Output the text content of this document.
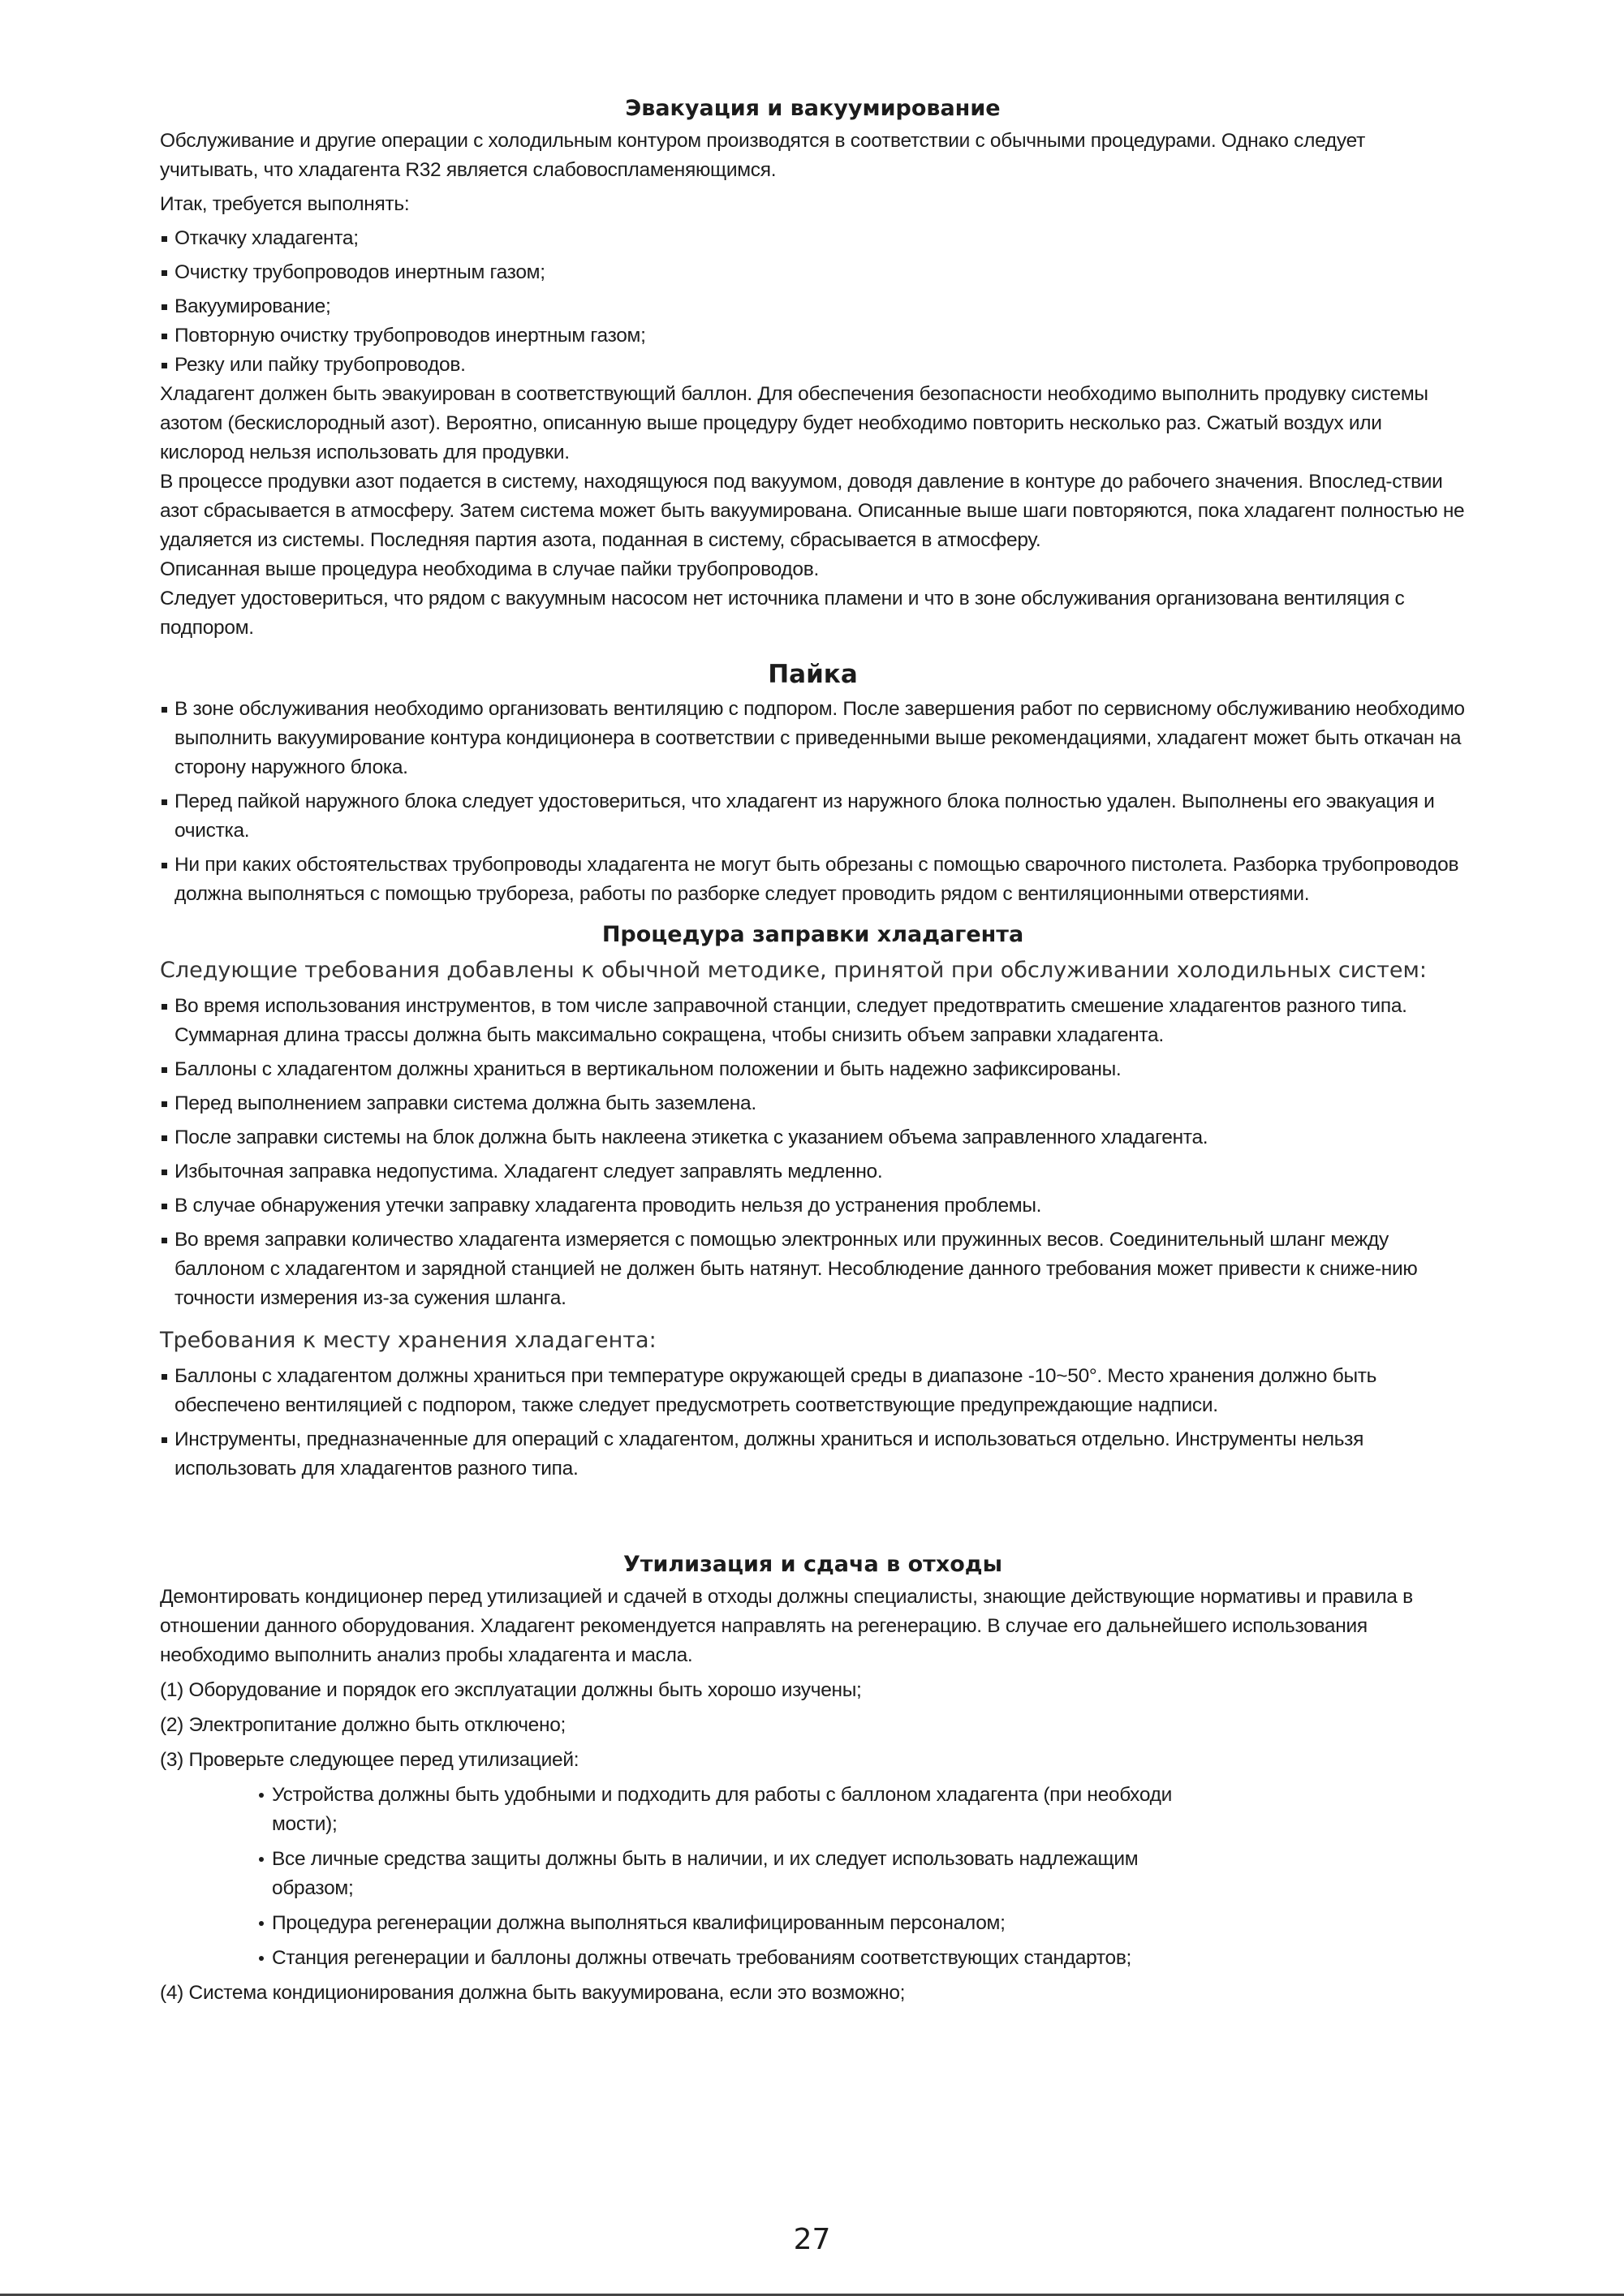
Эвакуация и вакуумирование

Обслуживание и другие операции с холодильным контуром производятся в соответствии с обычными процедурами. Однако следует учитывать, что хладагента R32 является слабовоспламеняющимся.

Итак, требуется выполнять:

Откачку хладагента;
Очистку трубопроводов инертным газом;
Вакуумирование;
Повторную очистку трубопроводов инертным газом;
Резку или пайку трубопроводов.

Хладагент должен быть эвакуирован в соответствующий баллон. Для обеспечения безопасности необходимо выполнить продувку системы азотом (бескислородный азот). Вероятно, описанную выше процедуру будет необходимо повторить несколько раз. Сжатый воздух или кислород нельзя использовать для продувки.

В процессе продувки азот подается в систему, находящуюся под вакуумом, доводя давление в контуре до рабочего значения. Впослед-ствии азот сбрасывается в атмосферу. Затем система может быть вакуумирована. Описанные выше шаги повторяются, пока хладагент полностью не удаляется из системы. Последняя партия азота, поданная в систему, сбрасывается в атмосферу.

Описанная выше процедура необходима в случае пайки трубопроводов.

Следует удостовериться, что рядом с вакуумным насосом нет источника пламени и что в зоне обслуживания организована вентиляция с подпором.

Пайка
В зоне обслуживания необходимо организовать вентиляцию с подпором. После завершения работ по сервисному обслуживанию необходимо выполнить вакуумирование контура кондиционера в соответствии с приведенными выше рекомендациями, хладагент может быть откачан на сторону наружного блока.
Перед пайкой наружного блока следует удостовериться, что хладагент из наружного блока полностью удален. Выполнены его эвакуация и очистка.
Ни при каких обстоятельствах трубопроводы хладагента не могут быть обрезаны с помощью сварочного пистолета. Разборка трубопроводов должна выполняться с помощью трубореза, работы по разборке следует проводить рядом с вентиляционными отверстиями.
Процедура заправки хладагента

Следующие требования добавлены к обычной методике, принятой при обслуживании холодильных систем:

Во время использования инструментов, в том числе заправочной станции, следует предотвратить смешение хладагентов разного типа. Суммарная длина трассы должна быть максимально сокращена, чтобы снизить объем заправки хладагента.
Баллоны с хладагентом должны храниться в вертикальном положении и быть надежно зафиксированы.
Перед выполнением заправки система должна быть заземлена.
После заправки системы на блок должна быть наклеена этикетка с указанием объема заправленного хладагента.
Избыточная заправка недопустима. Хладагент следует заправлять медленно.
В случае обнаружения утечки заправку хладагента проводить нельзя до устранения проблемы.
Во время заправки количество хладагента измеряется с помощью электронных или пружинных весов. Соединительный шланг между баллоном с хладагентом и зарядной станцией не должен быть натянут. Несоблюдение данного требования может привести к сниже-нию точности измерения из-за сужения шланга.

Требования к месту хранения хладагента:

Баллоны с хладагентом должны храниться при температуре окружающей среды в диапазоне -10~50°. Место хранения должно быть обеспечено вентиляцией с подпором, также следует предусмотреть соответствующие предупреждающие надписи.
Инструменты, предназначенные для операций с хладагентом, должны храниться и использоваться отдельно. Инструменты нельзя использовать для хладагентов разного типа.
Утилизация и сдача в отходы

Демонтировать кондиционер перед утилизацией и сдачей в отходы должны специалисты, знающие действующие нормативы и правила в отношении данного оборудования. Хладагент рекомендуется направлять на регенерацию. В случае его дальнейшего использования необходимо выполнить анализ пробы хладагента и масла.

(1) Оборудование и порядок его эксплуатации должны быть хорошо изучены;

(2) Электропитание должно быть отключено;

(3) Проверьте следующее перед утилизацией:

Устройства должны быть удобными и подходить для работы с баллоном хладагента (при необходи мости);
Все личные средства защиты должны быть в наличии, и их следует использовать надлежащим образом;
Процедура регенерации должна выполняться квалифицированным персоналом;
Станция регенерации и баллоны должны отвечать требованиям соответствующих стандартов;

(4) Система кондиционирования должна быть вакуумирована, если это возможно;

27
